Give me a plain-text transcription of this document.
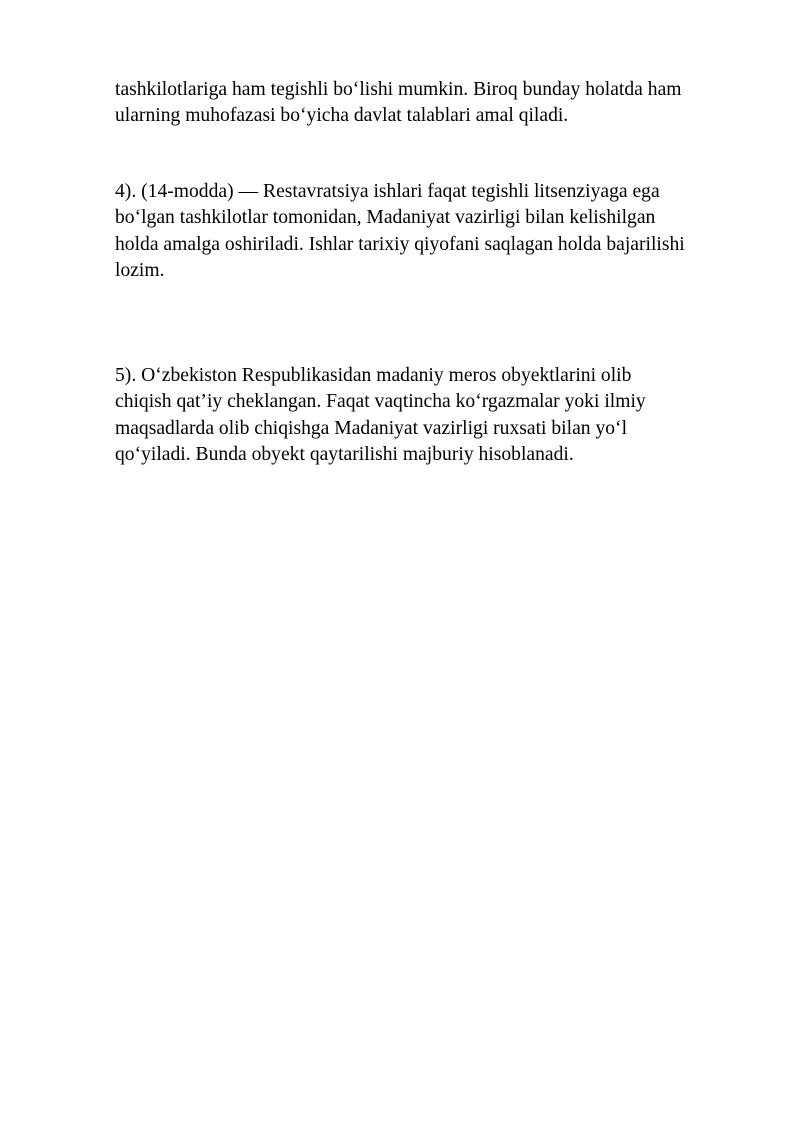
tashkilotlariga ham tegishli bo‘lishi mumkin. Biroq bunday holatda ham
ularning muhofazasi bo‘yicha davlat talablari amal qiladi.

4). (14-modda) — Restavratsiya ishlari faqat tegishli litsenziyaga ega
bo‘lgan tashkilotlar tomonidan, Madaniyat vazirligi bilan kelishilgan
holda amalga oshiriladi. Ishlar tarixiy qiyofani saqlagan holda bajarilishi
lozim.

5). O‘zbekiston Respublikasidan madaniy meros obyektlarini olib
chiqish qat’iy cheklangan. Faqat vaqtincha ko‘rgazmalar yoki ilmiy
maqsadlarda olib chiqishga Madaniyat vazirligi ruxsati bilan yo‘l
qo‘yiladi. Bunda obyekt qaytarilishi majburiy hisoblanadi.
